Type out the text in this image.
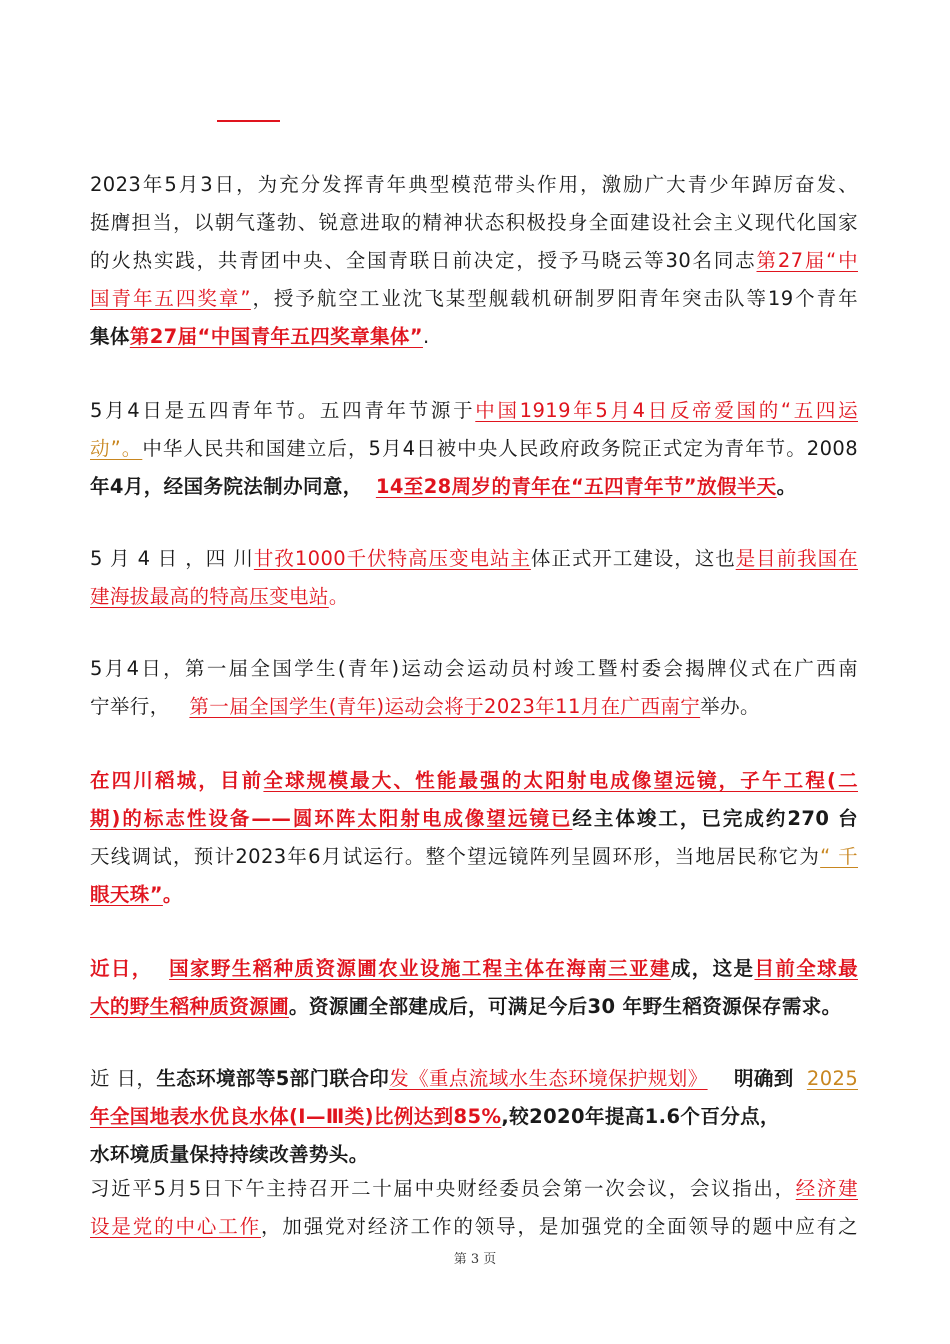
2023年5月3日，为充分发挥青年典型模范带头作用，激励广大青少年踔厉奋发、
挺膺担当，以朝气蓬勃、锐意进取的精神状态积极投身全面建设社会主义现代化国家
的火热实践，共青团中央、全国青联日前决定，授予马晓云等30名同志第27届“中
国青年五四奖章”，授予航空工业沈飞某型舰载机研制罗阳青年突击队等19个青年
集体第27届“中国青年五四奖章集体”.
5月4日是五四青年节。五四青年节源于中国1919年5月4日反帝爱国的“五四运
动”。中华人民共和国建立后，5月4日被中央人民政府政务院正式定为青年节。2008
年4月，经国务院法制办同意， 14至28周岁的青年在“五四青年节”放假半天。
5 月 4 日 ，四 川甘孜1000千伏特高压变电站主体正式开工建设，这也是目前我国在
建海拔最高的特高压变电站。
5月4日，第一届全国学生(青年)运动会运动员村竣工暨村委会揭牌仪式在广西南
宁举行， 第一届全国学生(青年)运动会将于2023年11月在广西南宁举办。
在四川稻城，目前全球规模最大、性能最强的太阳射电成像望远镜，子午工程(二
期)的标志性设备——圆环阵太阳射电成像望远镜已经主体竣工，已完成约270 台
天线调试，预计2023年6月试运行。整个望远镜阵列呈圆环形，当地居民称它为“ 千
眼天珠”。
近日， 国家野生稻种质资源圃农业设施工程主体在海南三亚建成，这是目前全球最
大的野生稻种质资源圃。资源圃全部建成后，可满足今后30 年野生稻资源保存需求。
近 日，生态环境部等5部门联合印发《重点流域水生态环境保护规划》 明确到 2025
年全国地表水优良水体(Ⅰ—Ⅲ类)比例达到85%,较2020年提高1.6个百分点，
水环境质量保持持续改善势头。
习近平5月5日下午主持召开二十届中央财经委员会第一次会议，会议指出，经济建
设是党的中心工作，加强党对经济工作的领导，是加强党的全面领导的题中应有之
第 3 页
